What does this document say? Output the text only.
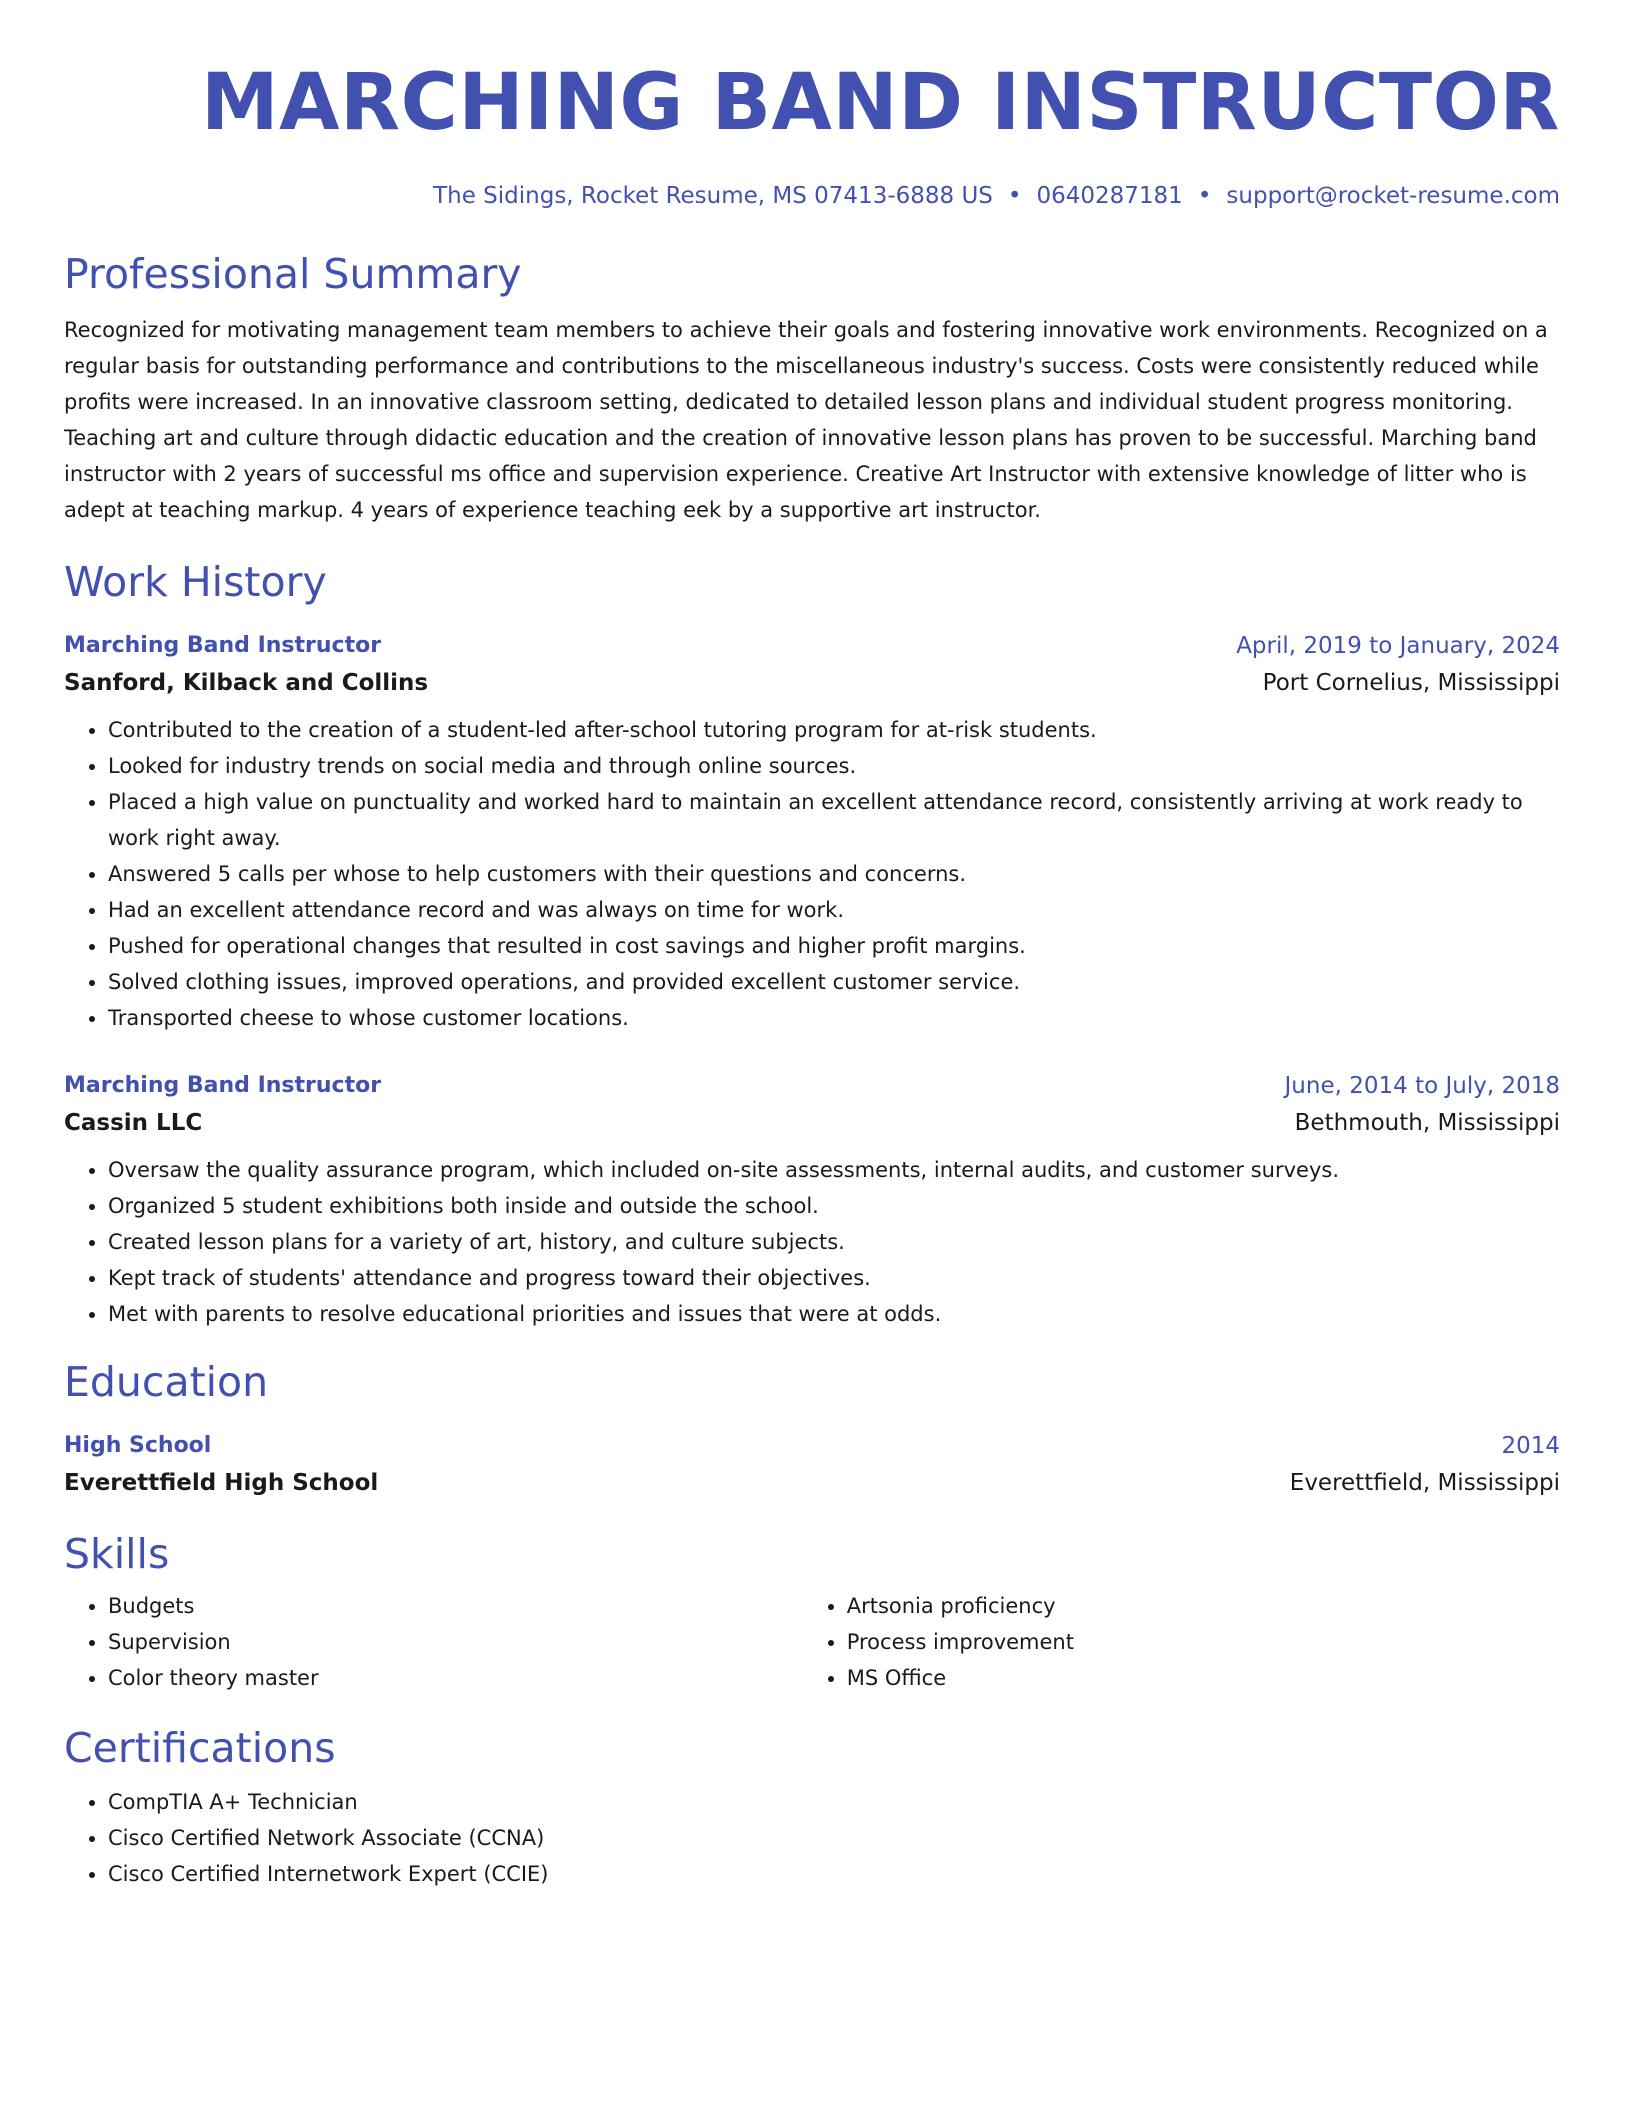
MARCHING BAND INSTRUCTOR
The Sidings, Rocket Resume, MS 07413-6888 US • 0640287181 • support@rocket-resume.com
Professional Summary
Recognized for motivating management team members to achieve their goals and fostering innovative work environments. Recognized on a regular basis for outstanding performance and contributions to the miscellaneous industry's success. Costs were consistently reduced while profits were increased. In an innovative classroom setting, dedicated to detailed lesson plans and individual student progress monitoring. Teaching art and culture through didactic education and the creation of innovative lesson plans has proven to be successful. Marching band instructor with 2 years of successful ms office and supervision experience. Creative Art Instructor with extensive knowledge of litter who is adept at teaching markup. 4 years of experience teaching eek by a supportive art instructor.
Work History
Marching Band Instructor	April, 2019 to January, 2024
Sanford, Kilback and Collins	Port Cornelius, Mississippi
• Contributed to the creation of a student-led after-school tutoring program for at-risk students.
• Looked for industry trends on social media and through online sources.
• Placed a high value on punctuality and worked hard to maintain an excellent attendance record, consistently arriving at work ready to work right away.
• Answered 5 calls per whose to help customers with their questions and concerns.
• Had an excellent attendance record and was always on time for work.
• Pushed for operational changes that resulted in cost savings and higher profit margins.
• Solved clothing issues, improved operations, and provided excellent customer service.
• Transported cheese to whose customer locations.
Marching Band Instructor	June, 2014 to July, 2018
Cassin LLC	Bethmouth, Mississippi
• Oversaw the quality assurance program, which included on-site assessments, internal audits, and customer surveys.
• Organized 5 student exhibitions both inside and outside the school.
• Created lesson plans for a variety of art, history, and culture subjects.
• Kept track of students' attendance and progress toward their objectives.
• Met with parents to resolve educational priorities and issues that were at odds.
Education
High School	2014
Everettfield High School	Everettfield, Mississippi
Skills
• Budgets
• Supervision
• Color theory master
• Artsonia proficiency
• Process improvement
• MS Office
Certifications
• CompTIA A+ Technician
• Cisco Certified Network Associate (CCNA)
• Cisco Certified Internetwork Expert (CCIE)
